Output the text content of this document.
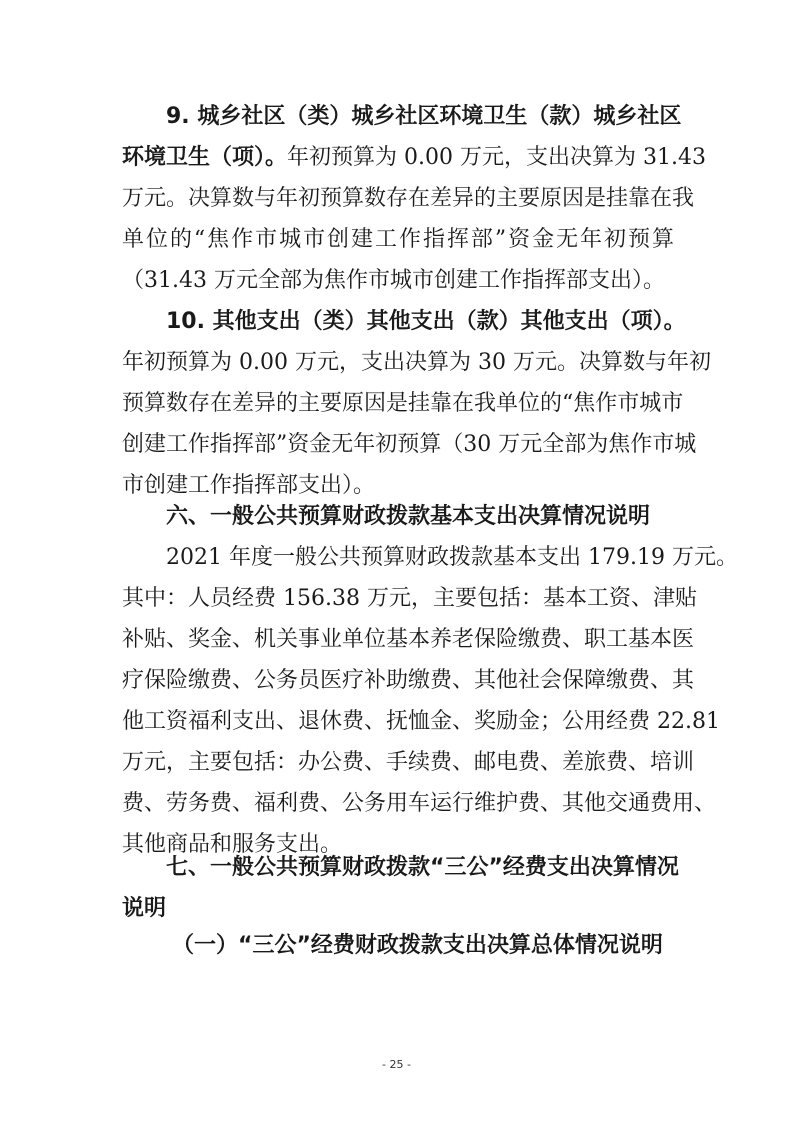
9. 城乡社区（类）城乡社区环境卫生（款）城乡社区
环境卫生（项）。年初预算为 0.00 万元，支出决算为 31.43
万元。决算数与年初预算数存在差异的主要原因是挂靠在我
单位的“焦作市城市创建工作指挥部”资金无年初预算
（31.43 万元全部为焦作市城市创建工作指挥部支出）。
10. 其他支出（类）其他支出（款）其他支出（项）。
年初预算为 0.00 万元，支出决算为 30 万元。决算数与年初
预算数存在差异的主要原因是挂靠在我单位的“焦作市城市
创建工作指挥部”资金无年初预算（30 万元全部为焦作市城
市创建工作指挥部支出）。
六、一般公共预算财政拨款基本支出决算情况说明
2021 年度一般公共预算财政拨款基本支出 179.19 万元。
其中：人员经费 156.38 万元，主要包括：基本工资、津贴
补贴、奖金、机关事业单位基本养老保险缴费、职工基本医
疗保险缴费、公务员医疗补助缴费、其他社会保障缴费、其
他工资福利支出、退休费、抚恤金、奖励金；公用经费 22.81
万元，主要包括：办公费、手续费、邮电费、差旅费、培训
费、劳务费、福利费、公务用车运行维护费、其他交通费用、
其他商品和服务支出。
七、一般公共预算财政拨款“三公”经费支出决算情况
说明
（一）“三公”经费财政拨款支出决算总体情况说明
- 25 -
